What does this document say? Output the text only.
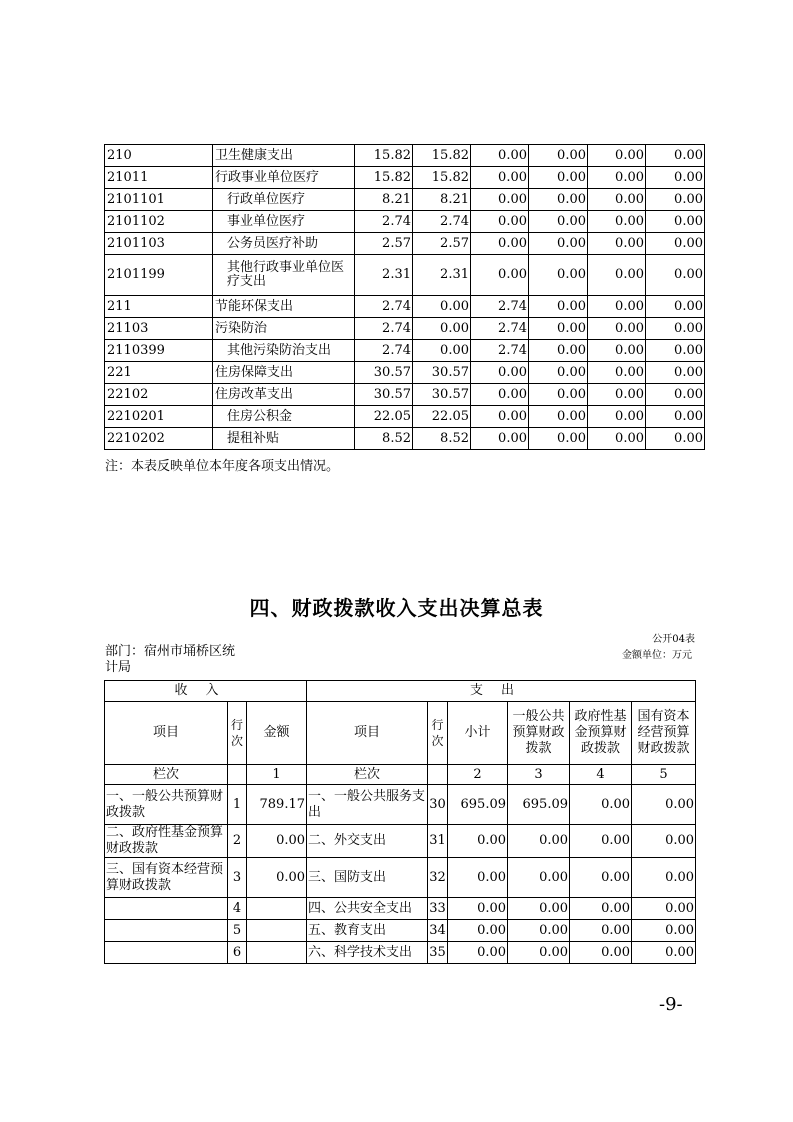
210	卫生健康支出	15.82	15.82	0.00	0.00	0.00	0.00
21011	行政事业单位医疗	15.82	15.82	0.00	0.00	0.00	0.00
2101101	行政单位医疗	8.21	8.21	0.00	0.00	0.00	0.00
2101102	事业单位医疗	2.74	2.74	0.00	0.00	0.00	0.00
2101103	公务员医疗补助	2.57	2.57	0.00	0.00	0.00	0.00
2101199	其他行政事业单位医疗支出	2.31	2.31	0.00	0.00	0.00	0.00
211	节能环保支出	2.74	0.00	2.74	0.00	0.00	0.00
21103	污染防治	2.74	0.00	2.74	0.00	0.00	0.00
2110399	其他污染防治支出	2.74	0.00	2.74	0.00	0.00	0.00
221	住房保障支出	30.57	30.57	0.00	0.00	0.00	0.00
22102	住房改革支出	30.57	30.57	0.00	0.00	0.00	0.00
2210201	住房公积金	22.05	22.05	0.00	0.00	0.00	0.00
2210202	提租补贴	8.52	8.52	0.00	0.00	0.00	0.00
注：本表反映单位本年度各项支出情况。
四、财政拨款收入支出决算总表
公开04表
部门：宿州市埇桥区统计局
金额单位：万元
收入			支出					
项目	行次	金额	项目	行次	小计	一般公共预算财政拨款	政府性基金预算财政拨款	国有资本经营预算财政拨款
栏次		1	栏次		2	3	4	5
一、一般公共预算财政拨款	1	789.17	一、一般公共服务支出	30	695.09	695.09	0.00	0.00
二、政府性基金预算财政拨款	2	0.00	二、外交支出	31	0.00	0.00	0.00	0.00
三、国有资本经营预算财政拨款	3	0.00	三、国防支出	32	0.00	0.00	0.00	0.00
	4		四、公共安全支出	33	0.00	0.00	0.00	0.00
	5		五、教育支出	34	0.00	0.00	0.00	0.00
	6		六、科学技术支出	35	0.00	0.00	0.00	0.00
-9-
